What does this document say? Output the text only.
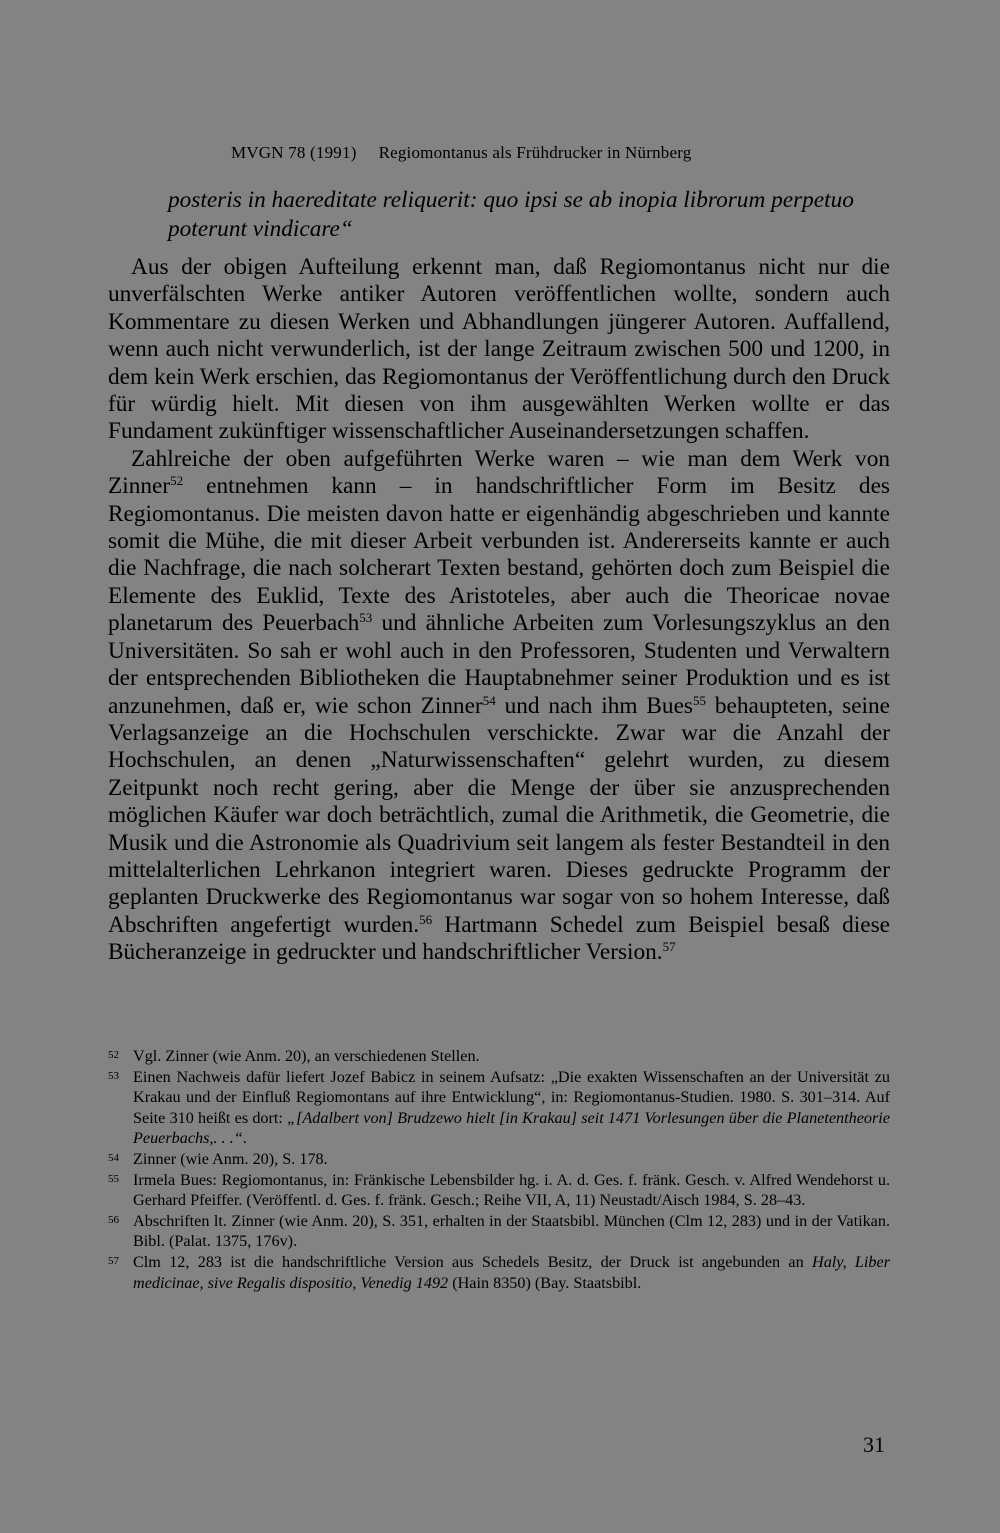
MVGN 78 (1991) Regiomontanus als Frühdrucker in Nürnberg

posteris in haereditate reliquerit: quo ipsi se ab inopia librorum perpetuo poterunt vindicare“

Aus der obigen Aufteilung erkennt man, daß Regiomontanus nicht nur die unverfälschten Werke antiker Autoren veröffentlichen wollte, sondern auch Kommentare zu diesen Werken und Abhandlungen jüngerer Autoren. Auffallend, wenn auch nicht verwunderlich, ist der lange Zeitraum zwischen 500 und 1200, in dem kein Werk erschien, das Regiomontanus der Veröffentlichung durch den Druck für würdig hielt. Mit diesen von ihm ausgewählten Werken wollte er das Fundament zukünftiger wissenschaftlicher Auseinandersetzungen schaffen.

Zahlreiche der oben aufgeführten Werke waren – wie man dem Werk von Zinner$^{52}$ entnehmen kann – in handschriftlicher Form im Besitz des Regiomontanus. Die meisten davon hatte er eigenhändig abgeschrieben und kannte somit die Mühe, die mit dieser Arbeit verbunden ist. Andererseits kannte er auch die Nachfrage, die nach solcherart Texten bestand, gehörten doch zum Beispiel die Elemente des Euklid, Texte des Aristoteles, aber auch die Theoricae novae planetarum des Peuerbach$^{53}$ und ähnliche Arbeiten zum Vorlesungszyklus an den Universitäten. So sah er wohl auch in den Professoren, Studenten und Verwaltern der entsprechenden Bibliotheken die Hauptabnehmer seiner Produktion und es ist anzunehmen, daß er, wie schon Zinner$^{54}$ und nach ihm Bues$^{55}$ behaupteten, seine Verlagsanzeige an die Hochschulen verschickte. Zwar war die Anzahl der Hochschulen, an denen „Naturwissenschaften“ gelehrt wurden, zu diesem Zeitpunkt noch recht gering, aber die Menge der über sie anzusprechenden möglichen Käufer war doch beträchtlich, zumal die Arithmetik, die Geometrie, die Musik und die Astronomie als Quadrivium seit langem als fester Bestandteil in den mittelalterlichen Lehrkanon integriert waren. Dieses gedruckte Programm der geplanten Druckwerke des Regiomontanus war sogar von so hohem Interesse, daß Abschriften angefertigt wurden.$^{56}$ Hartmann Schedel zum Beispiel besaß diese Bücheranzeige in gedruckter und handschriftlicher Version.$^{57}$

52 Vgl. Zinner (wie Anm. 20), an verschiedenen Stellen.

53 Einen Nachweis dafür liefert Jozef Babicz in seinem Aufsatz: „Die exakten Wissenschaften an der Universität zu Krakau und der Einfluß Regiomontans auf ihre Entwicklung“, in: Regiomontanus-Studien. 1980. S. 301–314. Auf Seite 310 heißt es dort: „[Adalbert von] Brudzewo hielt [in Krakau] seit 1471 Vorlesungen über die Planetentheorie Peuerbachs,. . .“.

54 Zinner (wie Anm. 20), S. 178.

55 Irmela Bues: Regiomontanus, in: Fränkische Lebensbilder hg. i. A. d. Ges. f. fränk. Gesch. v. Alfred Wendehorst u. Gerhard Pfeiffer. (Veröffentl. d. Ges. f. fränk. Gesch.; Reihe VII, A, 11) Neustadt/Aisch 1984, S. 28–43.

56 Abschriften lt. Zinner (wie Anm. 20), S. 351, erhalten in der Staatsbibl. München (Clm 12, 283) und in der Vatikan. Bibl. (Palat. 1375, 176v).

57 Clm 12, 283 ist die handschriftliche Version aus Schedels Besitz, der Druck ist angebunden an Haly, Liber medicinae, sive Regalis dispositio, Venedig 1492 (Hain 8350) (Bay. Staatsbibl.

31
